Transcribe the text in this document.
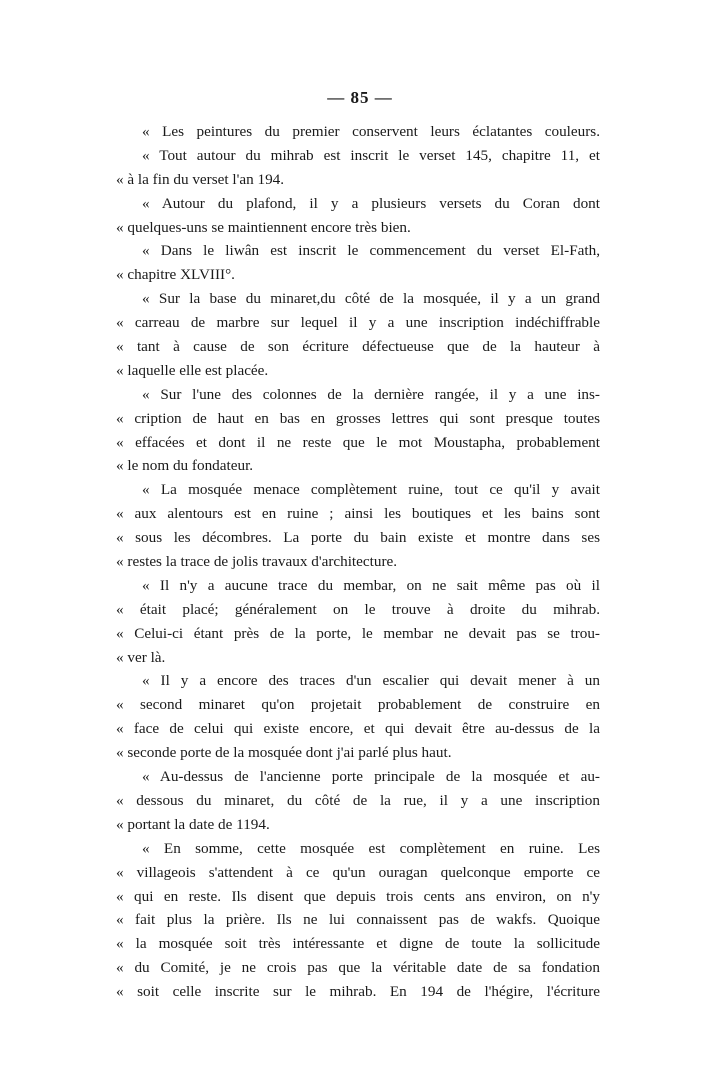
— 85 —
« Les peintures du premier conservent leurs éclatantes couleurs.
« Tout autour du mihrab est inscrit le verset 145, chapitre 11, et
« à la fin du verset l'an 194.
« Autour du plafond, il y a plusieurs versets du Coran dont
« quelques-uns se maintiennent encore très bien.
« Dans le liwân est inscrit le commencement du verset El-Fath,
« chapitre XLVIII°.
« Sur la base du minaret,du côté de la mosquée, il y a un grand
« carreau de marbre sur lequel il y a une inscription indéchiffrable
« tant à cause de son écriture défectueuse que de la hauteur à
« laquelle elle est placée.
« Sur l'une des colonnes de la dernière rangée, il y a une ins-
« cription de haut en bas en grosses lettres qui sont presque toutes
« effacées et dont il ne reste que le mot Moustapha, probablement
« le nom du fondateur.
« La mosquée menace complètement ruine, tout ce qu'il y avait
« aux alentours est en ruine ; ainsi les boutiques et les bains sont
« sous les décombres. La porte du bain existe et montre dans ses
« restes la trace de jolis travaux d'architecture.
« Il n'y a aucune trace du membar, on ne sait même pas où il
« était placé; généralement on le trouve à droite du mihrab.
« Celui-ci étant près de la porte, le membar ne devait pas se trou-
« ver là.
« Il y a encore des traces d'un escalier qui devait mener à un
« second minaret qu'on projetait probablement de construire en
« face de celui qui existe encore, et qui devait être au-dessus de la
« seconde porte de la mosquée dont j'ai parlé plus haut.
« Au-dessus de l'ancienne porte principale de la mosquée et au-
« dessous du minaret, du côté de la rue, il y a une inscription
« portant la date de 1194.
« En somme, cette mosquée est complètement en ruine. Les
« villageois s'attendent à ce qu'un ouragan quelconque emporte ce
« qui en reste. Ils disent que depuis trois cents ans environ, on n'y
« fait plus la prière. Ils ne lui connaissent pas de wakfs. Quoique
« la mosquée soit très intéressante et digne de toute la sollicitude
« du Comité, je ne crois pas que la véritable date de sa fondation
« soit celle inscrite sur le mihrab. En 194 de l'hégire, l'écriture
